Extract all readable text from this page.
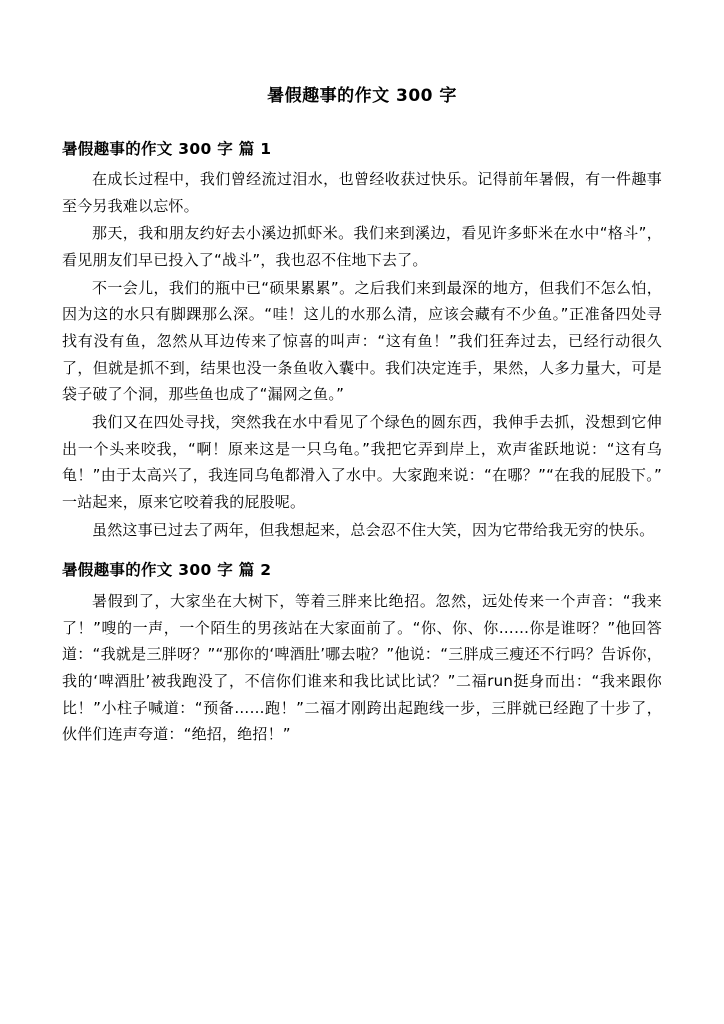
暑假趣事的作文 300 字
暑假趣事的作文 300 字 篇 1

在成长过程中，我们曾经流过泪水，也曾经收获过快乐。记得前年暑假，有一件趣事至今另我难以忘怀。

那天，我和朋友约好去小溪边抓虾米。我们来到溪边，看见许多虾米在水中“格斗”，看见朋友们早已投入了“战斗”，我也忍不住地下去了。

不一会儿，我们的瓶中已“硕果累累”。之后我们来到最深的地方，但我们不怎么怕，因为这的水只有脚踝那么深。“哇！这儿的水那么清，应该会藏有不少鱼。”正准备四处寻找有没有鱼，忽然从耳边传来了惊喜的叫声：“这有鱼！”我们狂奔过去，已经行动很久了，但就是抓不到，结果也没一条鱼收入囊中。我们决定连手，果然，人多力量大，可是袋子破了个洞，那些鱼也成了“漏网之鱼。”

我们又在四处寻找，突然我在水中看见了个绿色的圆东西，我伸手去抓，没想到它伸出一个头来咬我，“啊！原来这是一只乌龟。”我把它弄到岸上，欢声雀跃地说：“这有乌龟！”由于太高兴了，我连同乌龟都滑入了水中。大家跑来说：“在哪？”“在我的屁股下。”一站起来，原来它咬着我的屁股呢。

虽然这事已过去了两年，但我想起来，总会忍不住大笑，因为它带给我无穷的快乐。

暑假趣事的作文 300 字 篇 2

暑假到了，大家坐在大树下，等着三胖来比绝招。忽然，远处传来一个声音：“我来了！”嗖的一声，一个陌生的男孩站在大家面前了。“你、你、你……你是谁呀？”他回答道：“我就是三胖呀？”“那你的‘啤酒肚’哪去啦？”他说：“三胖成三瘦还不行吗？告诉你，我的‘啤酒肚’被我跑没了，不信你们谁来和我比试比试？”二福run挺身而出：“我来跟你比！”小柱子喊道：“预备……跑！”二福才刚跨出起跑线一步，三胖就已经跑了十步了，伙伴们连声夸道：“绝招，绝招！”
